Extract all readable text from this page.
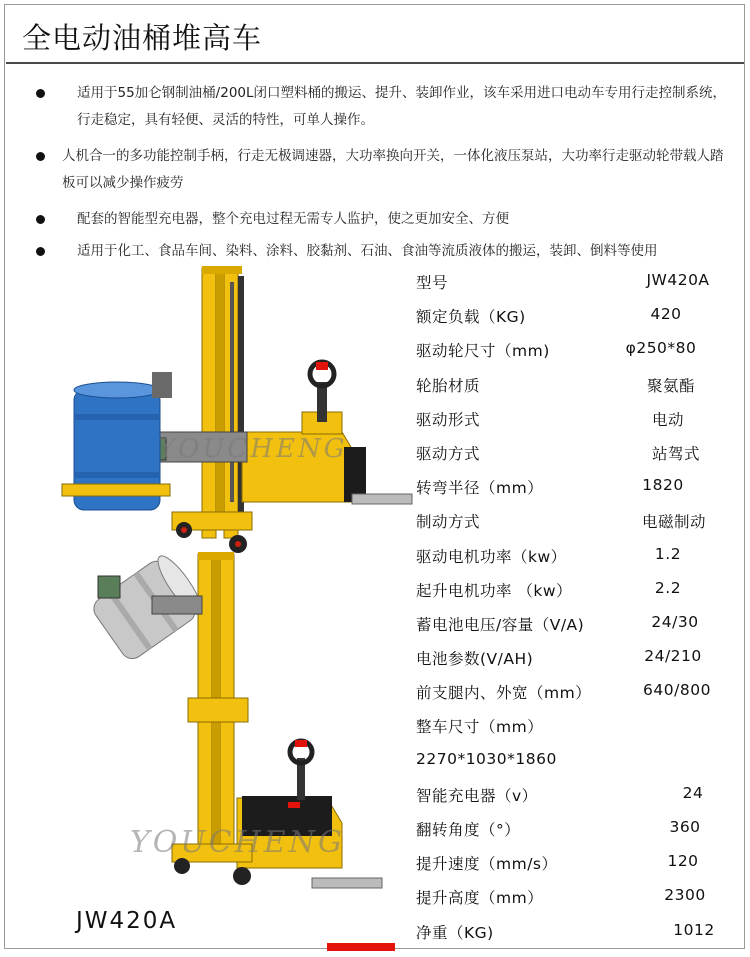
全电动油桶堆高车
适用于55加仑钢制油桶/200L闭口塑料桶的搬运、提升、装卸作业，该车采用进口电动车专用行走控制系统，行走稳定，具有轻便、灵活的特性，可单人操作。
人机合一的多功能控制手柄，行走无极调速器，大功率换向开关，一体化液压泵站，大功率行走驱动轮带载人踏板可以减少操作疲劳
配套的智能型充电器，整个充电过程无需专人监护，使之更加安全、方便
适用于化工、食品车间、染料、涂料、胶黏剂、石油、食油等流质液体的搬运，装卸、倒料等使用
YOUCHENG
YOUCHENG
型号	JW420A
额定负载（KG)	420
驱动轮尺寸（mm)	φ250*80
轮胎材质	聚氨酯
驱动形式	电动
驱动方式	站驾式
转弯半径（mm）	1820
制动方式	电磁制动
驱动电机功率（kw）	1.2
起升电机功率 （kw）	2.2
蓄电池电压/容量（V/A)	24/30
电池参数(V/AH)	24/210
前支腿内、外宽（mm）	640/800
整车尺寸（mm）
2270*1030*1860
智能充电器（v）	24
翻转角度（°）	360
提升速度（mm/s）	120
提升高度（mm）	2300
净重（KG)	1012
JW420A
